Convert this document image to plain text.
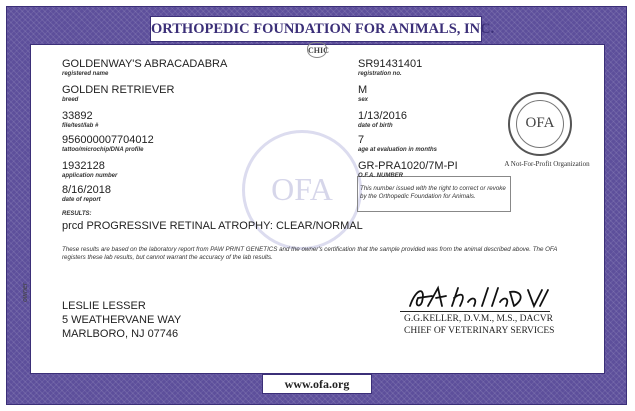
ORTHOPEDIC FOUNDATION FOR ANIMALS, INC.
CHIC
OFA
GOLDENWAY'S ABRACADABRA
registered name
GOLDEN RETRIEVER
breed
33892
file/test/lab #
956000007704012
tattoo/microchip/DNA profile
1932128
application number
8/16/2018
date of report
SR91431401
registration no.
M
sex
1/13/2016
date of birth
7
age at evaluation in months
GR-PRA1020/7M-PI
O.F.A. NUMBER
This number issued with the right to correct or revoke by the Orthopedic Foundation for Animals.
OFA
A Not-For-Profit Organization
RESULTS:
prcd PROGRESSIVE RETINAL ATROPHY: CLEAR/NORMAL
These results are based on the laboratory report from PAW PRINT GENETICS and the owner's certification that the sample provided was from the animal described above. The OFA registers these lab results, but cannot warrant the accuracy of the lab results.
owner
LESLIE LESSER
5 WEATHERVANE WAY
MARLBORO, NJ 07746
G.G.KELLER, D.V.M., M.S., DACVR
CHIEF OF VETERINARY SERVICES
www.ofa.org
